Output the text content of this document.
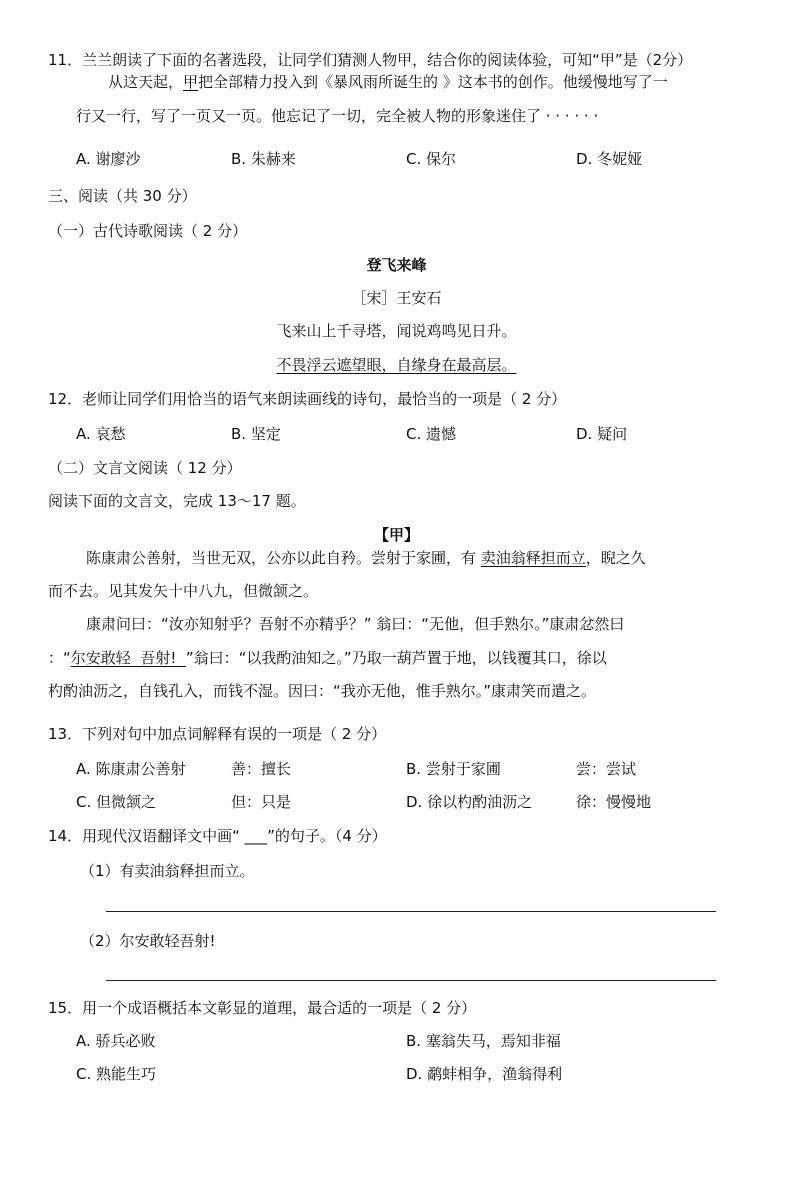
11．兰兰朗读了下面的名著选段，让同学们猜测人物甲，结合你的阅读体验，可知“甲”是（2分）
从这天起，甲把全部精力投入到《暴风雨所诞生的 》这本书的创作。他缓慢地写了一
行又一行，写了一页又一页。他忘记了一切，完全被人物的形象迷住了 · · · · · ·
A. 谢廖沙	B. 朱赫来	C. 保尔	D. 冬妮娅
三、阅读（共 30 分）
（一）古代诗歌阅读（ 2 分）
登飞来峰
［宋］王安石
飞来山上千寻塔，闻说鸡鸣见日升。
不畏浮云遮望眼，自缘身在最高层。
12．老师让同学们用恰当的语气来朗读画线的诗句，最恰当的一项是（ 2 分）
A. 哀愁	B. 坚定	C. 遗憾	D. 疑问
（二）文言文阅读（ 12 分）
阅读下面的文言文，完成 13～17 题。
【甲】
陈康肃公善射，当世无双，公亦以此自矜。尝射于家圃，有 卖油翁释担而立，睨之久
而不去。见其发矢十中八九，但微颔之。
康肃问曰：“汝亦知射乎？吾射不亦精乎？” 翁曰：“无他，但手熟尔。”康肃忿然曰
：“尔安敢轻  吾射!  ”翁曰：“以我酌油知之。”乃取一葫芦置于地，以钱覆其口，徐以
杓酌油沥之，自钱孔入，而钱不湿。因曰：“我亦无他，惟手熟尔。”康肃笑而遣之。
13．下列对句中加点词解释有误的一项是（ 2 分）
A. 陈康肃公善射	善：擅长	B. 尝射于家圃	尝：尝试
C. 但微颔之	但：只是	D. 徐以杓酌油沥之	徐：慢慢地
14．用现代汉语翻译文中画“ ___”的句子。（4 分）
（1）有卖油翁释担而立。
（2）尔安敢轻吾射!
15．用一个成语概括本文彰显的道理，最合适的一项是（ 2 分）
A. 骄兵必败	B. 塞翁失马，焉知非福
C. 熟能生巧	D. 鹬蚌相争，渔翁得利
